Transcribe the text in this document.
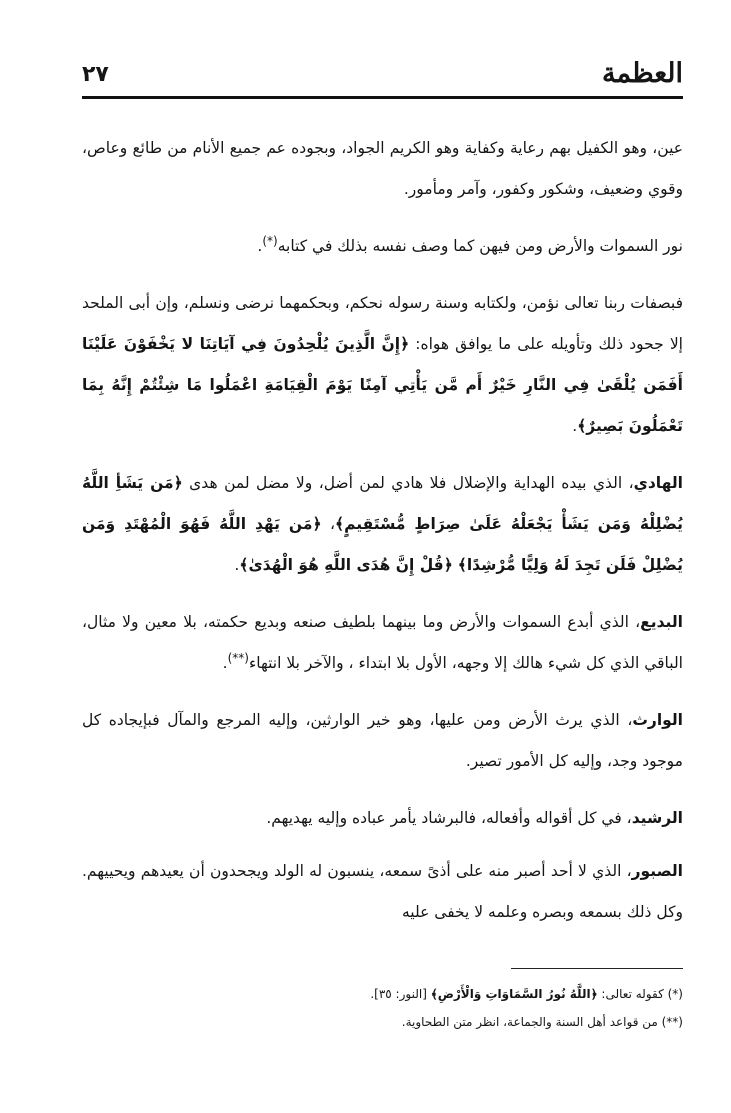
العظمة
٢٧

عين، وهو الكفيل بهم رعاية وكفاية وهو الكريم الجواد، وبجوده عم جميع الأنام من طائع وعاص، وقوي وضعيف، وشكور وكفور، وآمر ومأمور.

نور السموات والأرض ومن فيهن كما وصف نفسه بذلك في كتابه(*).

فبصفات ربنا تعالى نؤمن، ولكتابه وسنة رسوله نحكم، وبحكمهما نرضى ونسلم، وإن أبى الملحد إلا جحود ذلك وتأويله على ما يوافق هواه: ﴿إِنَّ الَّذِينَ يُلْحِدُونَ فِي آيَاتِنَا لا يَخْفَوْنَ عَلَيْنَا أَفَمَن يُلْقَىٰ فِي النَّارِ خَيْرٌ أَم مَّن يَأْتِي آمِنًا يَوْمَ الْقِيَامَةِ اعْمَلُوا مَا شِئْتُمْ إِنَّهُ بِمَا تَعْمَلُونَ بَصِيرٌ﴾.

الهادي، الذي بيده الهداية والإضلال فلا هادي لمن أضل، ولا مضل لمن هدى ﴿مَن يَشَأِ اللَّهُ يُضْلِلْهُ وَمَن يَشَأْ يَجْعَلْهُ عَلَىٰ صِرَاطٍ مُّسْتَقِيمٍ﴾، ﴿مَن يَهْدِ اللَّهُ فَهُوَ الْمُهْتَدِ وَمَن يُضْلِلْ فَلَن تَجِدَ لَهُ وَلِيًّا مُّرْشِدًا﴾ ﴿قُلْ إِنَّ هُدَى اللَّهِ هُوَ الْهُدَىٰ﴾.

البديع، الذي أبدع السموات والأرض وما بينهما بلطيف صنعه وبديع حكمته، بلا معين ولا مثال، الباقي الذي كل شيء هالك إلا وجهه، الأول بلا ابتداء ، والآخر بلا انتهاء(**).

الوارث، الذي يرث الأرض ومن عليها، وهو خير الوارثين، وإليه المرجع والمآل فبإيجاده كل موجود وجد، وإليه كل الأمور تصير.

الرشيد، في كل أقواله وأفعاله، فالبرشاد يأمر عباده وإليه يهديهم.

الصبور، الذي لا أحد أصبر منه على أذىً سمعه، ينسبون له الولد ويجحدون أن يعيدهم ويحييهم. وكل ذلك بسمعه وبصره وعلمه لا يخفى عليه

(*) كقوله تعالى: ﴿اللَّهُ نُورُ السَّمَاوَاتِ وَالْأَرْضِ﴾ [النور: ٣٥].

(**) من قواعد أهل السنة والجماعة، انظر متن الطحاوية.
